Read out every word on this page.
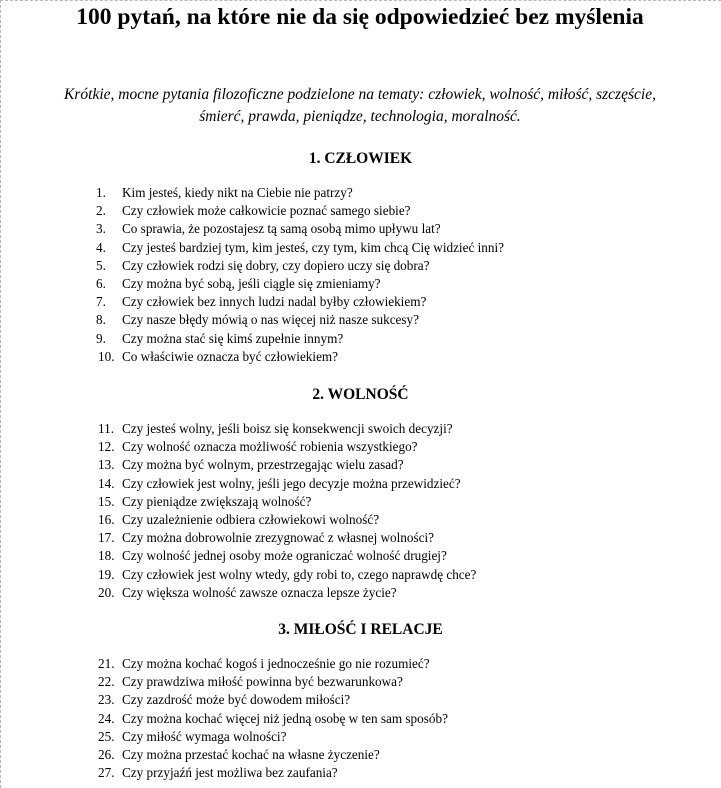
100 pytań, na które nie da się odpowiedzieć bez myślenia

Krótkie, mocne pytania filozoficzne podzielone na tematy: człowiek, wolność, miłość, szczęście, śmierć, prawda, pieniądze, technologia, moralność.

1. CZŁOWIEK
1. Kim jesteś, kiedy nikt na Ciebie nie patrzy?
2. Czy człowiek może całkowicie poznać samego siebie?
3. Co sprawia, że pozostajesz tą samą osobą mimo upływu lat?
4. Czy jesteś bardziej tym, kim jesteś, czy tym, kim chcą Cię widzieć inni?
5. Czy człowiek rodzi się dobry, czy dopiero uczy się dobra?
6. Czy można być sobą, jeśli ciągle się zmieniamy?
7. Czy człowiek bez innych ludzi nadal byłby człowiekiem?
8. Czy nasze błędy mówią o nas więcej niż nasze sukcesy?
9. Czy można stać się kimś zupełnie innym?
10. Co właściwie oznacza być człowiekiem?
2. WOLNOŚĆ
11. Czy jesteś wolny, jeśli boisz się konsekwencji swoich decyzji?
12. Czy wolność oznacza możliwość robienia wszystkiego?
13. Czy można być wolnym, przestrzegając wielu zasad?
14. Czy człowiek jest wolny, jeśli jego decyzje można przewidzieć?
15. Czy pieniądze zwiększają wolność?
16. Czy uzależnienie odbiera człowiekowi wolność?
17. Czy można dobrowolnie zrezygnować z własnej wolności?
18. Czy wolność jednej osoby może ograniczać wolność drugiej?
19. Czy człowiek jest wolny wtedy, gdy robi to, czego naprawdę chce?
20. Czy większa wolność zawsze oznacza lepsze życie?
3. MIŁOŚĆ I RELACJE
21. Czy można kochać kogoś i jednocześnie go nie rozumieć?
22. Czy prawdziwa miłość powinna być bezwarunkowa?
23. Czy zazdrość może być dowodem miłości?
24. Czy można kochać więcej niż jedną osobę w ten sam sposób?
25. Czy miłość wymaga wolności?
26. Czy można przestać kochać na własne życzenie?
27. Czy przyjaźń jest możliwa bez zaufania?
